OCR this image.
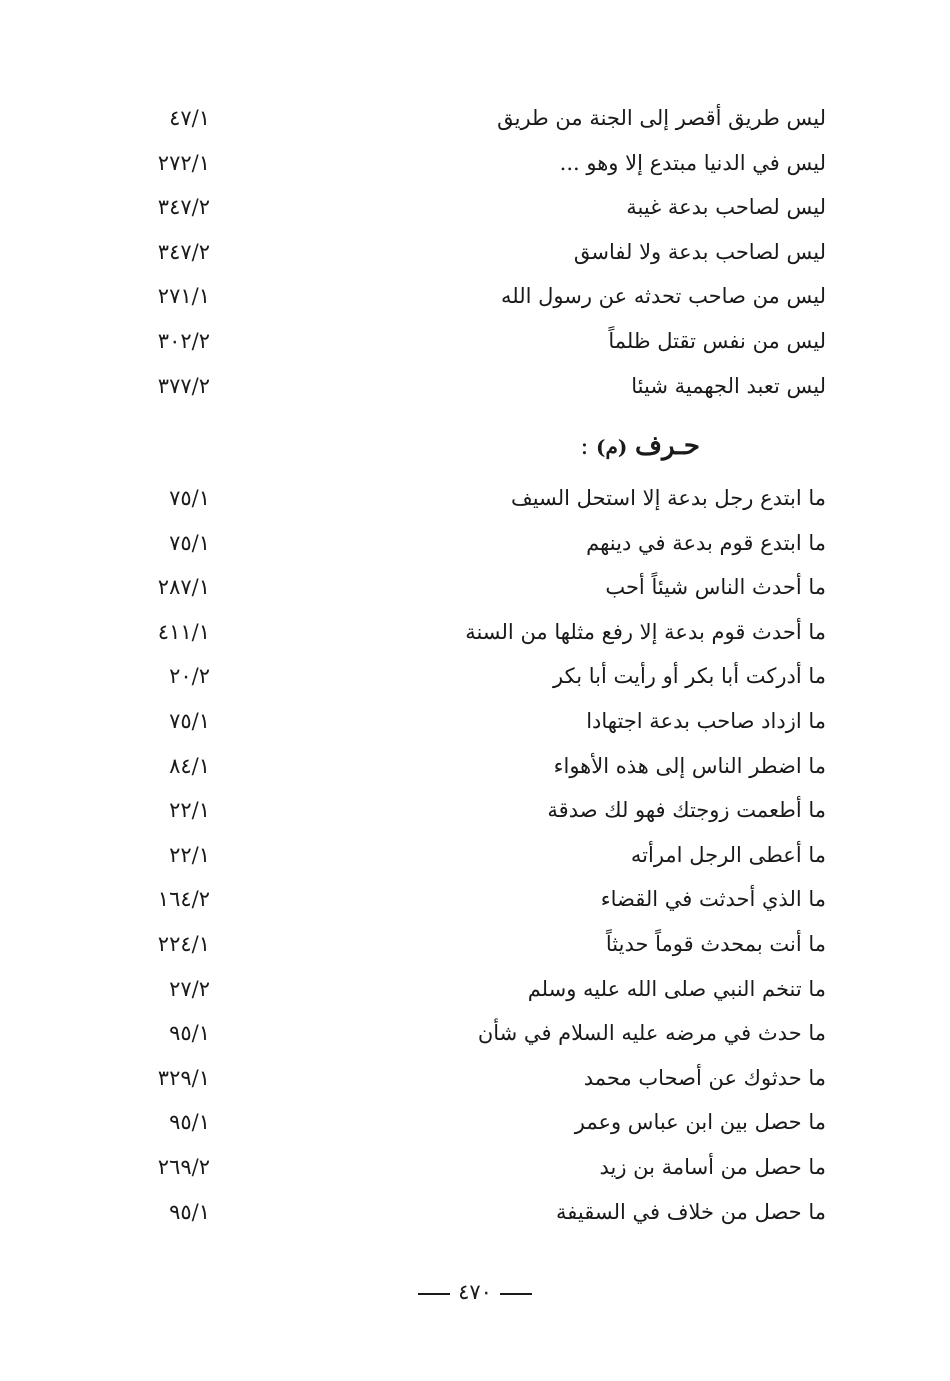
ليس طريق أقصر إلى الجنة من طريق
٤٧/١
ليس في الدنيا مبتدع إلا وهو ...
٢٧٢/١
ليس لصاحب بدعة غيبة
٣٤٧/٢
ليس لصاحب بدعة ولا لفاسق
٣٤٧/٢
ليس من صاحب تحدثه عن رسول الله
٢٧١/١
ليس من نفس تقتل ظلماً
٣٠٢/٢
ليس تعبد الجهمية شيئا
٣٧٧/٢
حـرف (م) :
ما ابتدع رجل بدعة إلا استحل السيف
٧٥/١
ما ابتدع قوم بدعة في دينهم
٧٥/١
ما أحدث الناس شيئاً أحب
٢٨٧/١
ما أحدث قوم بدعة إلا رفع مثلها من السنة
٤١١/١
ما أدركت أبا بكر أو رأيت أبا بكر
٢٠/٢
ما ازداد صاحب بدعة اجتهادا
٧٥/١
ما اضطر الناس إلى هذه الأهواء
٨٤/١
ما أطعمت زوجتك فهو لك صدقة
٢٢/١
ما أعطى الرجل امرأته
٢٢/١
ما الذي أحدثت في القضاء
١٦٤/٢
ما أنت بمحدث قوماً حديثاً
٢٢٤/١
ما تنخم النبي صلى الله عليه وسلم
٢٧/٢
ما حدث في مرضه عليه السلام في شأن
٩٥/١
ما حدثوك عن أصحاب محمد
٣٢٩/١
ما حصل بين ابن عباس وعمر
٩٥/١
ما حصل من أسامة بن زيد
٢٦٩/٢
ما حصل من خلاف في السقيفة
٩٥/١
٤٧٠
